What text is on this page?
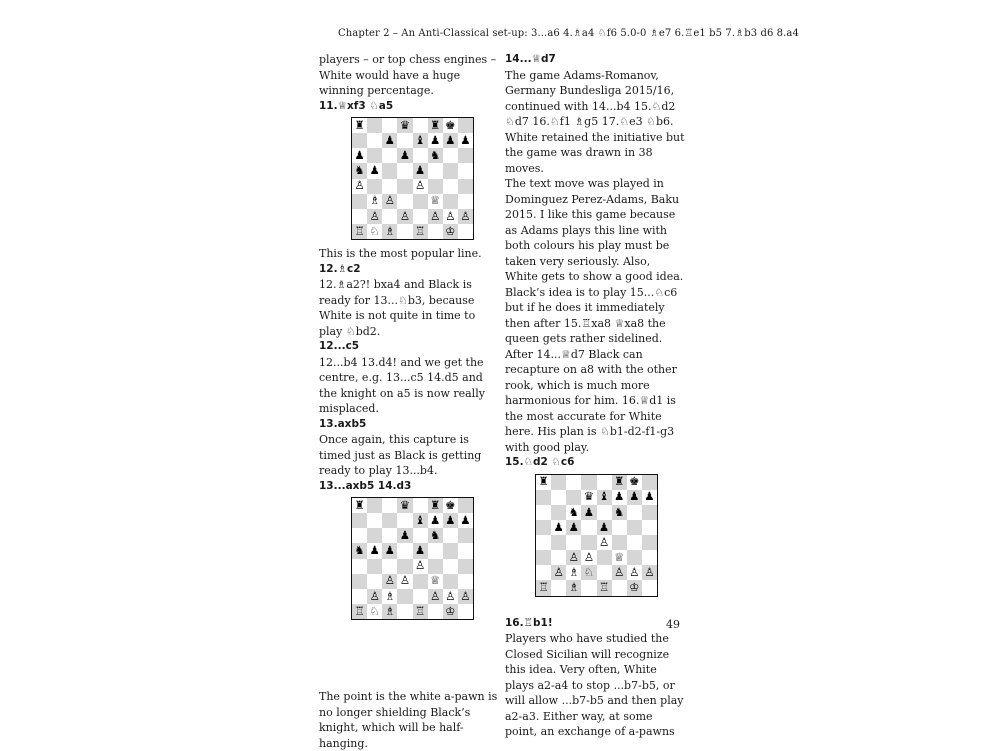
Chapter 2 – An Anti-Classical set-up: 3...a6 4.♗a4 ♘f6 5.0-0 ♗e7 6.♖e1 b5 7.♗b3 d6 8.a4

players – or top chess engines – White would have a huge winning percentage.

11.♕xf3 ♘a5

♜	♛ ♜ ♚
♟ ♝ ♟ ♟ ♟
♟	♟ ♞
♞ ♟	♟
♙	♙
♗ ♙	♕
♙ ♙ ♙ ♙ ♙
♖ ♘ ♗ ♖ ♔

This is the most popular line.

12.♗c2

12.♗a2?! bxa4 and Black is ready for 13...♘b3, because White is not quite in time to play ♘bd2.

12...c5

12...b4 13.d4! and we get the centre, e.g. 13...c5 14.d5 and the knight on a5 is now really misplaced.

13.axb5

Once again, this capture is timed just as Black is getting ready to play 13...b4.

13...axb5 14.d3

♜	♛ ♜ ♚
♝ ♟ ♟ ♟
♟ ♞
♞ ♟ ♟ ♟
♙
♙ ♙ ♕
♙ ♗	♙ ♙ ♙
♖ ♘ ♗ ♖ ♔

The point is the white a-pawn is no longer shielding Black’s knight, which will be half-hanging.

14...♕d7

The game Adams-Romanov, Germany Bundesliga 2015/16, continued with 14...b4 15.♘d2 ♘d7 16.♘f1 ♗g5 17.♘e3 ♘b6. White retained the initiative but the game was drawn in 38 moves.

The text move was played in Dominguez Perez-Adams, Baku 2015. I like this game because as Adams plays this line with both colours his play must be taken very seriously. Also, White gets to show a good idea.

Black’s idea is to play 15...♘c6 but if he does it immediately then after 15.♖xa8 ♕xa8 the queen gets rather sidelined. After 14...♕d7 Black can recapture on a8 with the other rook, which is much more harmonious for him. 16.♕d1 is the most accurate for White here. His plan is ♘b1-d2-f1-g3 with good play.

15.♘d2 ♘c6

♜	♜ ♚
♛ ♝ ♟ ♟ ♟
♞ ♟ ♞
♟ ♟ ♟
♙
♙ ♙ ♕
♙ ♗ ♘ ♙ ♙ ♙
♖ ♗ ♖ ♔

16.♖b1!

Players who have studied the Closed Sicilian will recognize this idea. Very often, White plays a2-a4 to stop ...b7-b5, or will allow ...b7-b5 and then play a2-a3. Either way, at some point, an exchange of a-pawns

49
